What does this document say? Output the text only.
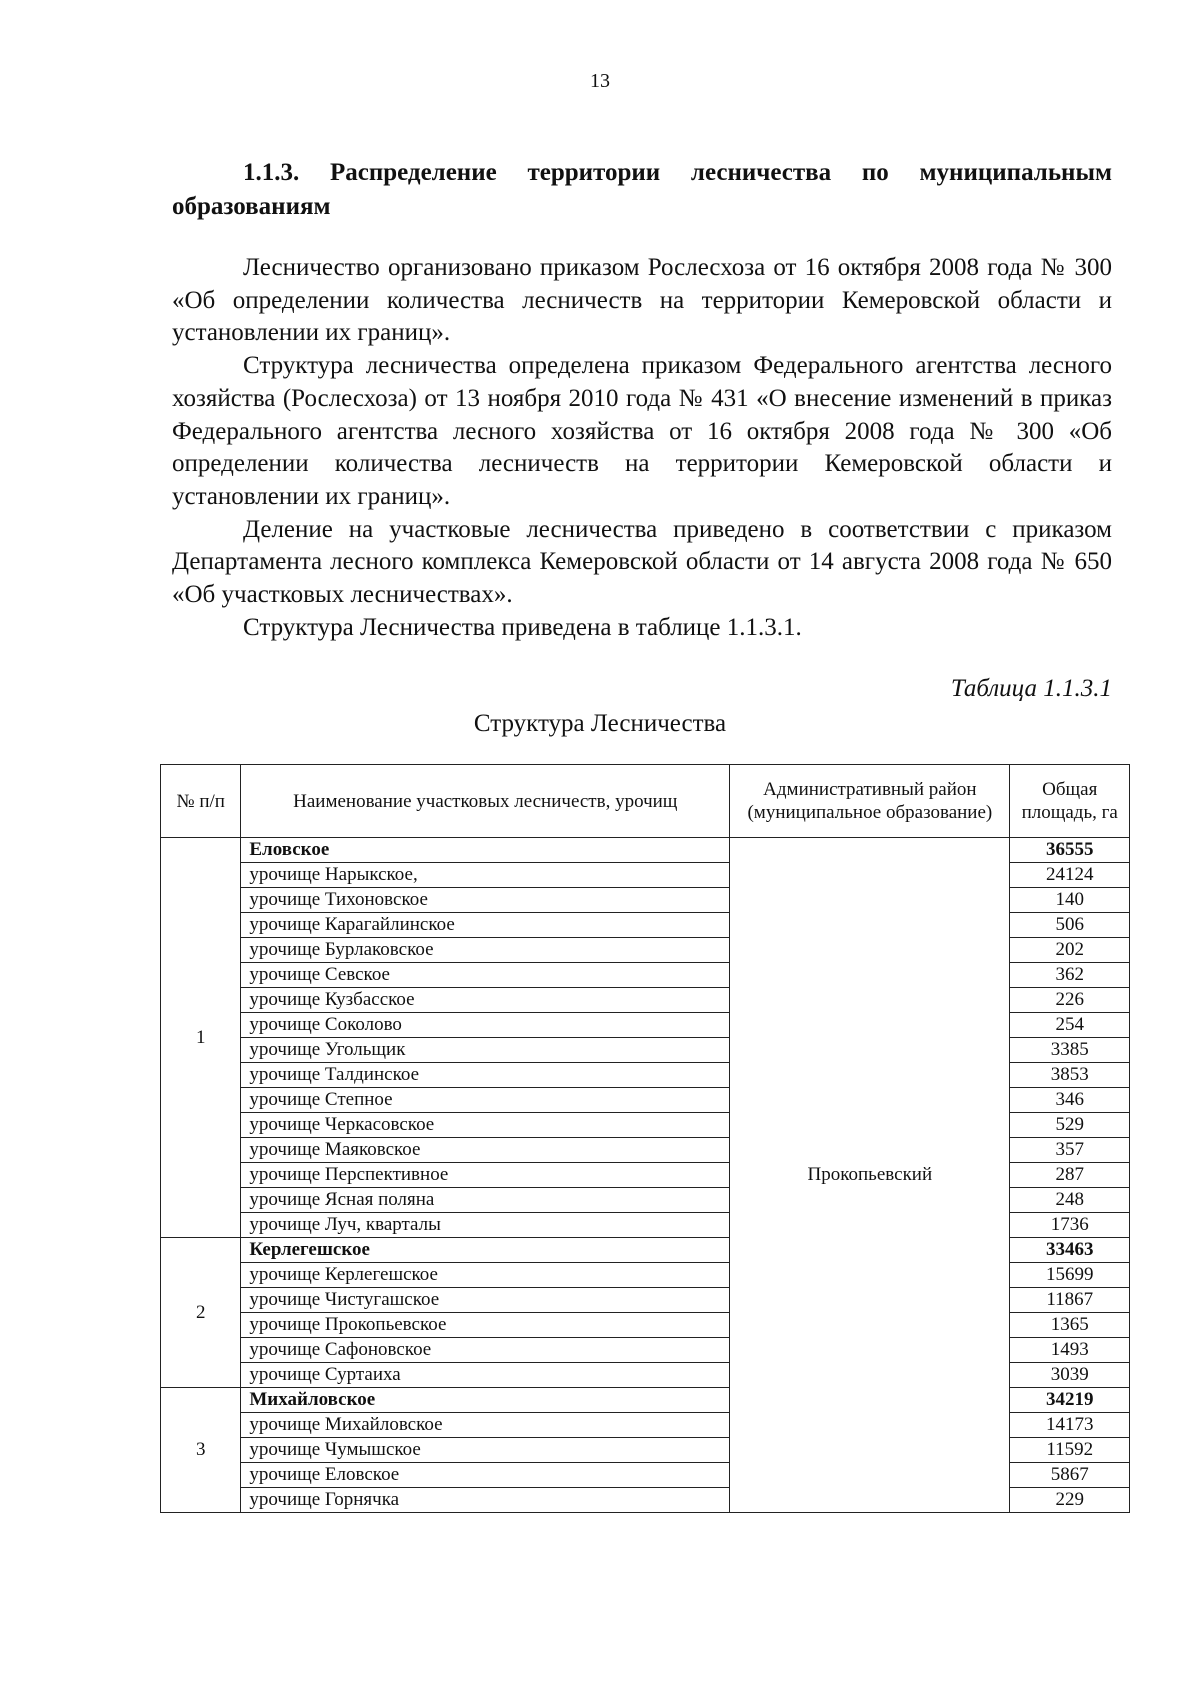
13
1.1.3. Распределение территории лесничества по муниципальным
образованиям

Лесничество организовано приказом Рослесхоза от 16 октября 2008 года № 300 «Об определении количества лесничеств на территории Кемеровской области и установлении их границ».

Структура лесничества определена приказом Федерального агентства лесного хозяйства (Рослесхоза) от 13 ноября 2010 года № 431 «О внесение изменений в приказ Федерального агентства лесного хозяйства от 16 октября 2008 года № 300 «Об определении количества лесничеств на территории Кемеровской области и установлении их границ».

Деление на участковые лесничества приведено в соответствии с приказом Департамента лесного комплекса Кемеровской области от 14 августа 2008 года № 650 «Об участковых лесничествах».

Структура Лесничества приведена в таблице 1.1.3.1.

Таблица 1.1.3.1
Структура Лесничества
№ п/п	Наименование участковых лесничеств, урочищ	Административный район (муниципальное образование)	Общая площадь, га
1	Еловское	Прокопьевский	36555
	урочище Нарыкское,		24124
	урочище Тихоновское		140
	урочище Карагайлинское		506
	урочище Бурлаковское		202
	урочище Севское		362
	урочище Кузбасское		226
	урочище Соколово		254
	урочище Угольщик		3385
	урочище Талдинское		3853
	урочище Степное		346
	урочище Черкасовское		529
	урочище Маяковское		357
	урочище Перспективное		287
	урочище Ясная поляна		248
	урочище Луч, кварталы		1736
2	Керлегешское		33463
	урочище Керлегешское		15699
	урочище Чистугашское		11867
	урочище Прокопьевское		1365
	урочище Сафоновское		1493
	урочище Суртаиха		3039
3	Михайловское		34219
	урочище Михайловское		14173
	урочище Чумышское		11592
	урочище Еловское		5867
	урочище Горнячка		229
